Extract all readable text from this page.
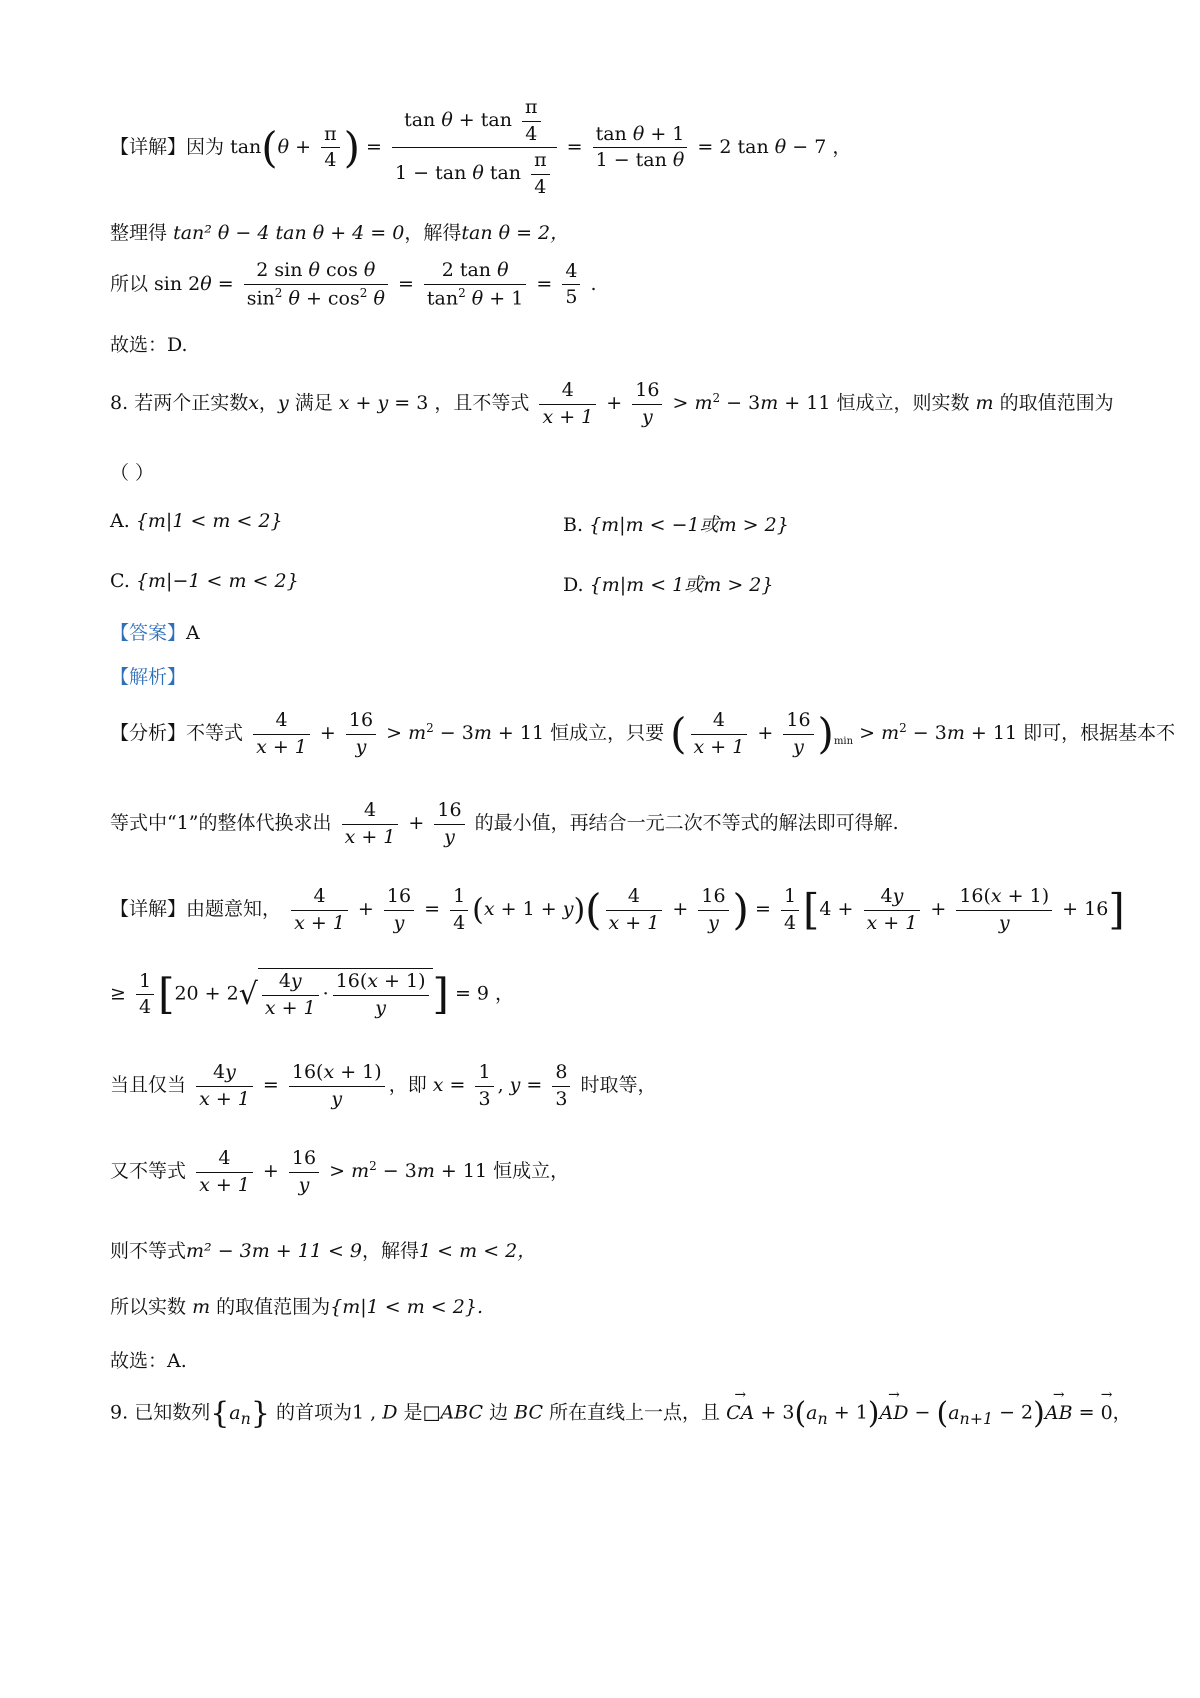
【详解】因为 $\tan(\theta + \frac{\pi}{4}$ ) = $\frac{\tan \theta + \tan \frac{\pi}{4}}{1 - \tan \theta \tan \frac{\pi}{4}} = \frac{\text{tan θ + 1}}{\text{1 − tan θ}} = 2$ tan θ − 7 ，
整理得 tan² θ − 4 tan θ + 4 = 0，解得tan θ = 2，
所以 $\sin 2\theta = \frac{\text{2 sin θ cos θ}}{\sin^2 \theta + \cos^2 \theta} = \frac{\text{2 tan θ}}{\tan^2 \theta + 1} = \frac{4}{5}$ .
故选：D.
8. 若两个正实数x，y 满足 x + y = 3 ，且不等式 $\frac{4}{x + 1} + \frac{16}{y} > m^2 - 3m + 11$ 恒成立，则实数 m 的取值范围为
（ ）
A. {m|1 < m < 2}	B. {m|m < −1或m > 2}
C. {m|−1 < m < 2}	D. {m|m < 1或m > 2}
【答案】A
【解析】
【分析】不等式 $\frac{4}{x + 1} + \frac{16}{y} > m^2 - 3m + 11$ 恒成立，只要 ( $\frac{4}{x + 1} + \frac{16}{y} )_{min} > m^2 - 3m + 11$ 即可，根据基本不
等式中“1”的整体代换求出 $\frac{4}{x + 1} + \frac{16}{y}$ 的最小值，再结合一元二次不等式的解法即可得解.
【详解】由题意知， $\frac{4}{x + 1} + \frac{16}{y} = \frac{1}{4} (x + 1 + y)( \frac{4}{x + 1} + \frac{16}{y}$ ) = $\frac{1}{4} [4 + \frac{4y}{x + 1} + \frac{16(x + 1)}{y} + 16]$
≥ $\frac{1}{4} [20 + 2√ \frac{4y}{x + 1} \cdot \frac{16(x + 1)}{y}$ ] = 9 ，
当且仅当 $\frac{4y}{x + 1} = \frac{16(x + 1)}{y}$ ，即 $x = \frac{1}{3}$ , $y = \frac{8}{3}$ 时取等，
又不等式 $\frac{4}{x + 1} + \frac{16}{y} > m^2 - 3m + 11$ 恒成立，
则不等式m² − 3m + 11 < 9，解得1 < m < 2，
所以实数 m 的取值范围为{m|1 < m < 2}.
故选：A.
9. 已知数列$\{a_n\}$ 的首项为1 , D 是□ABC 边 BC 所在直线上一点，且 → CA + $3(a_n + 1)\to$ AD − $(a_{n+1} - 2)\to$ AB = → 0，
